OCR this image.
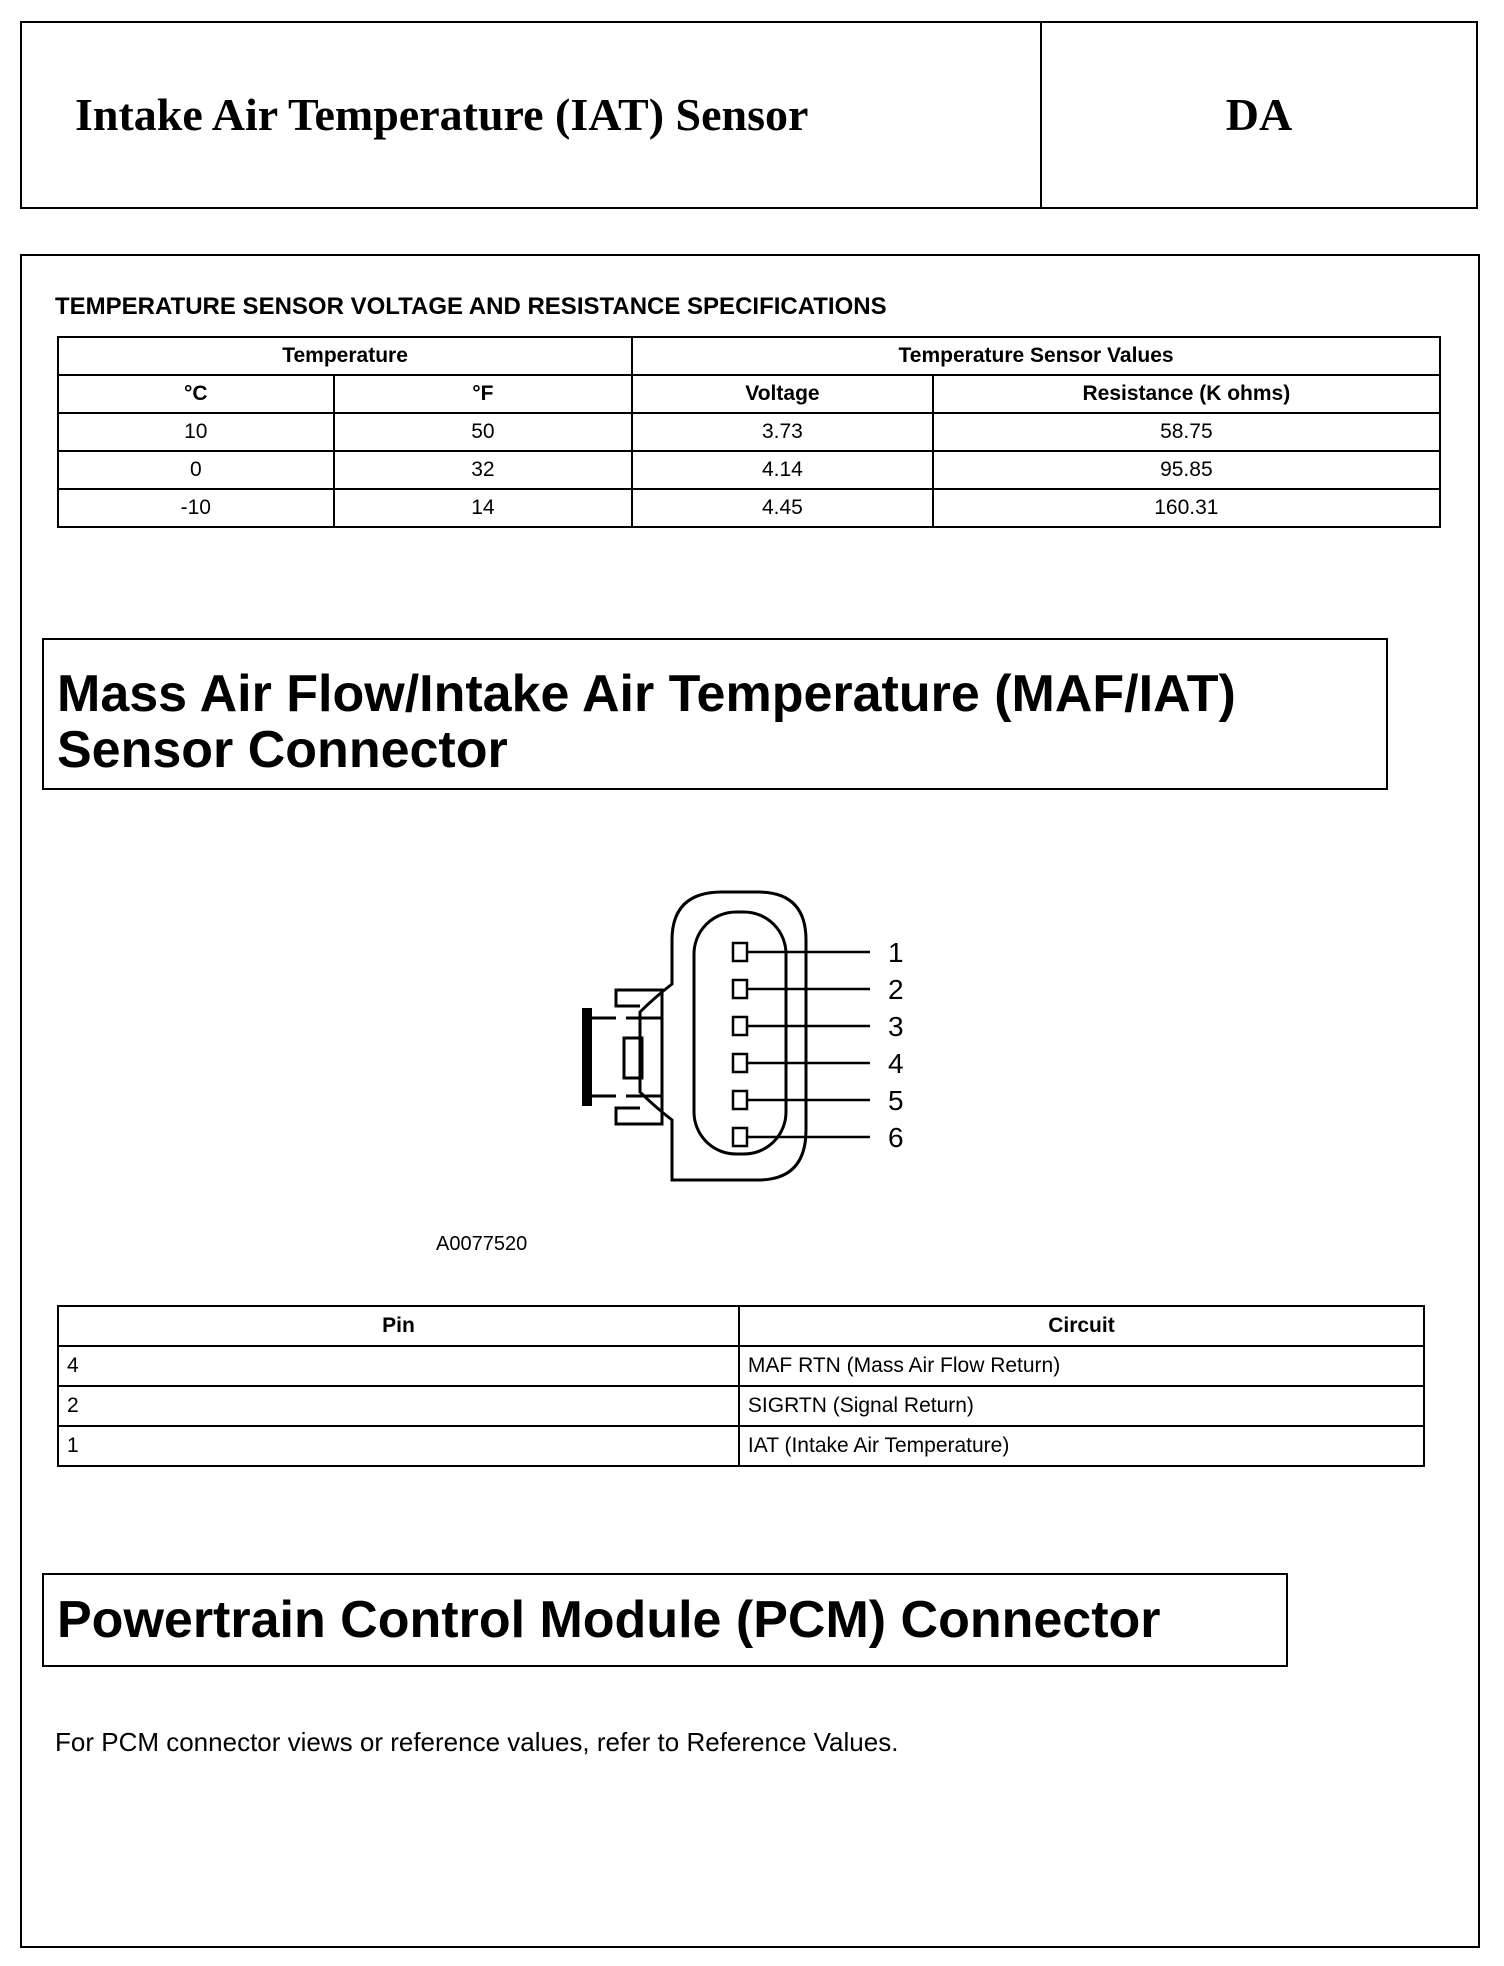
Intake Air Temperature (IAT) Sensor	DA
TEMPERATURE SENSOR VOLTAGE AND RESISTANCE SPECIFICATIONS
Temperature		Temperature Sensor Values	
°C	°F	Voltage	Resistance (K ohms)
10	50	3.73	58.75
0	32	4.14	95.85
-10	14	4.45	160.31
Mass Air Flow/Intake Air Temperature (MAF/IAT)
Sensor Connector
1
2
3
4
5
6
A0077520
Pin	Circuit
4	MAF RTN (Mass Air Flow Return)
2	SIGRTN (Signal Return)
1	IAT (Intake Air Temperature)
Powertrain Control Module (PCM) Connector
For PCM connector views or reference values, refer to Reference Values.
